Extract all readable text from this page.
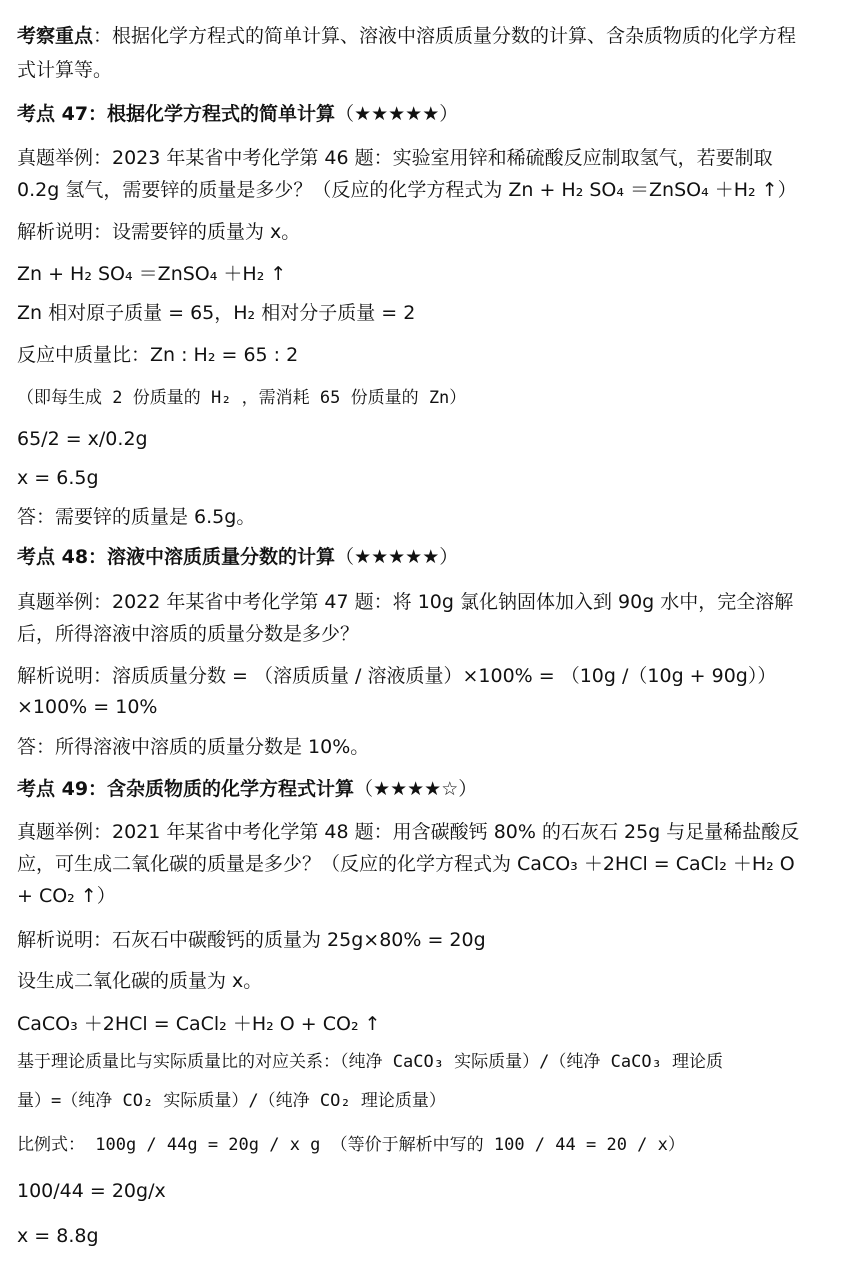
考察重点：根据化学方程式的简单计算、溶液中溶质质量分数的计算、含杂质物质的化学方程
式计算等。
考点 47：根据化学方程式的简单计算（★★★★★）
真题举例：2023 年某省中考化学第 46 题：实验室用锌和稀硫酸反应制取氢气，若要制取
0.2g 氢气，需要锌的质量是多少？（反应的化学方程式为 Zn + H₂ SO₄ ＝ZnSO₄ ＋H₂ ↑）
解析说明：设需要锌的质量为 x。
Zn + H₂ SO₄ ＝ZnSO₄ ＋H₂ ↑
Zn 相对原子质量 = 65，H₂ 相对分子质量 = 2
反应中质量比：Zn : H₂ = 65 : 2
（即每生成 2 份质量的 H₂ ，需消耗 65 份质量的 Zn）
65/2 = x/0.2g
x = 6.5g
答：需要锌的质量是 6.5g。
考点 48：溶液中溶质质量分数的计算（★★★★★）
真题举例：2022 年某省中考化学第 47 题：将 10g 氯化钠固体加入到 90g 水中，完全溶解
后，所得溶液中溶质的质量分数是多少？
解析说明：溶质质量分数 = （溶质质量 / 溶液质量）×100% = （10g /（10g + 90g））
×100% = 10%
答：所得溶液中溶质的质量分数是 10%。
考点 49：含杂质物质的化学方程式计算（★★★★☆）
真题举例：2021 年某省中考化学第 48 题：用含碳酸钙 80% 的石灰石 25g 与足量稀盐酸反
应，可生成二氧化碳的质量是多少？（反应的化学方程式为 CaCO₃ ＋2HCl = CaCl₂ ＋H₂ O
+ CO₂ ↑）
解析说明：石灰石中碳酸钙的质量为 25g×80% = 20g
设生成二氧化碳的质量为 x。
CaCO₃ ＋2HCl = CaCl₂ ＋H₂ O + CO₂ ↑
基于理论质量比与实际质量比的对应关系：（纯净 CaCO₃ 实际质量）/（纯净 CaCO₃ 理论质
量）=（纯净 CO₂ 实际质量）/（纯净 CO₂ 理论质量）
比例式： 100g / 44g = 20g / x g （等价于解析中写的 100 / 44 = 20 / x）
100/44 = 20g/x
x = 8.8g
